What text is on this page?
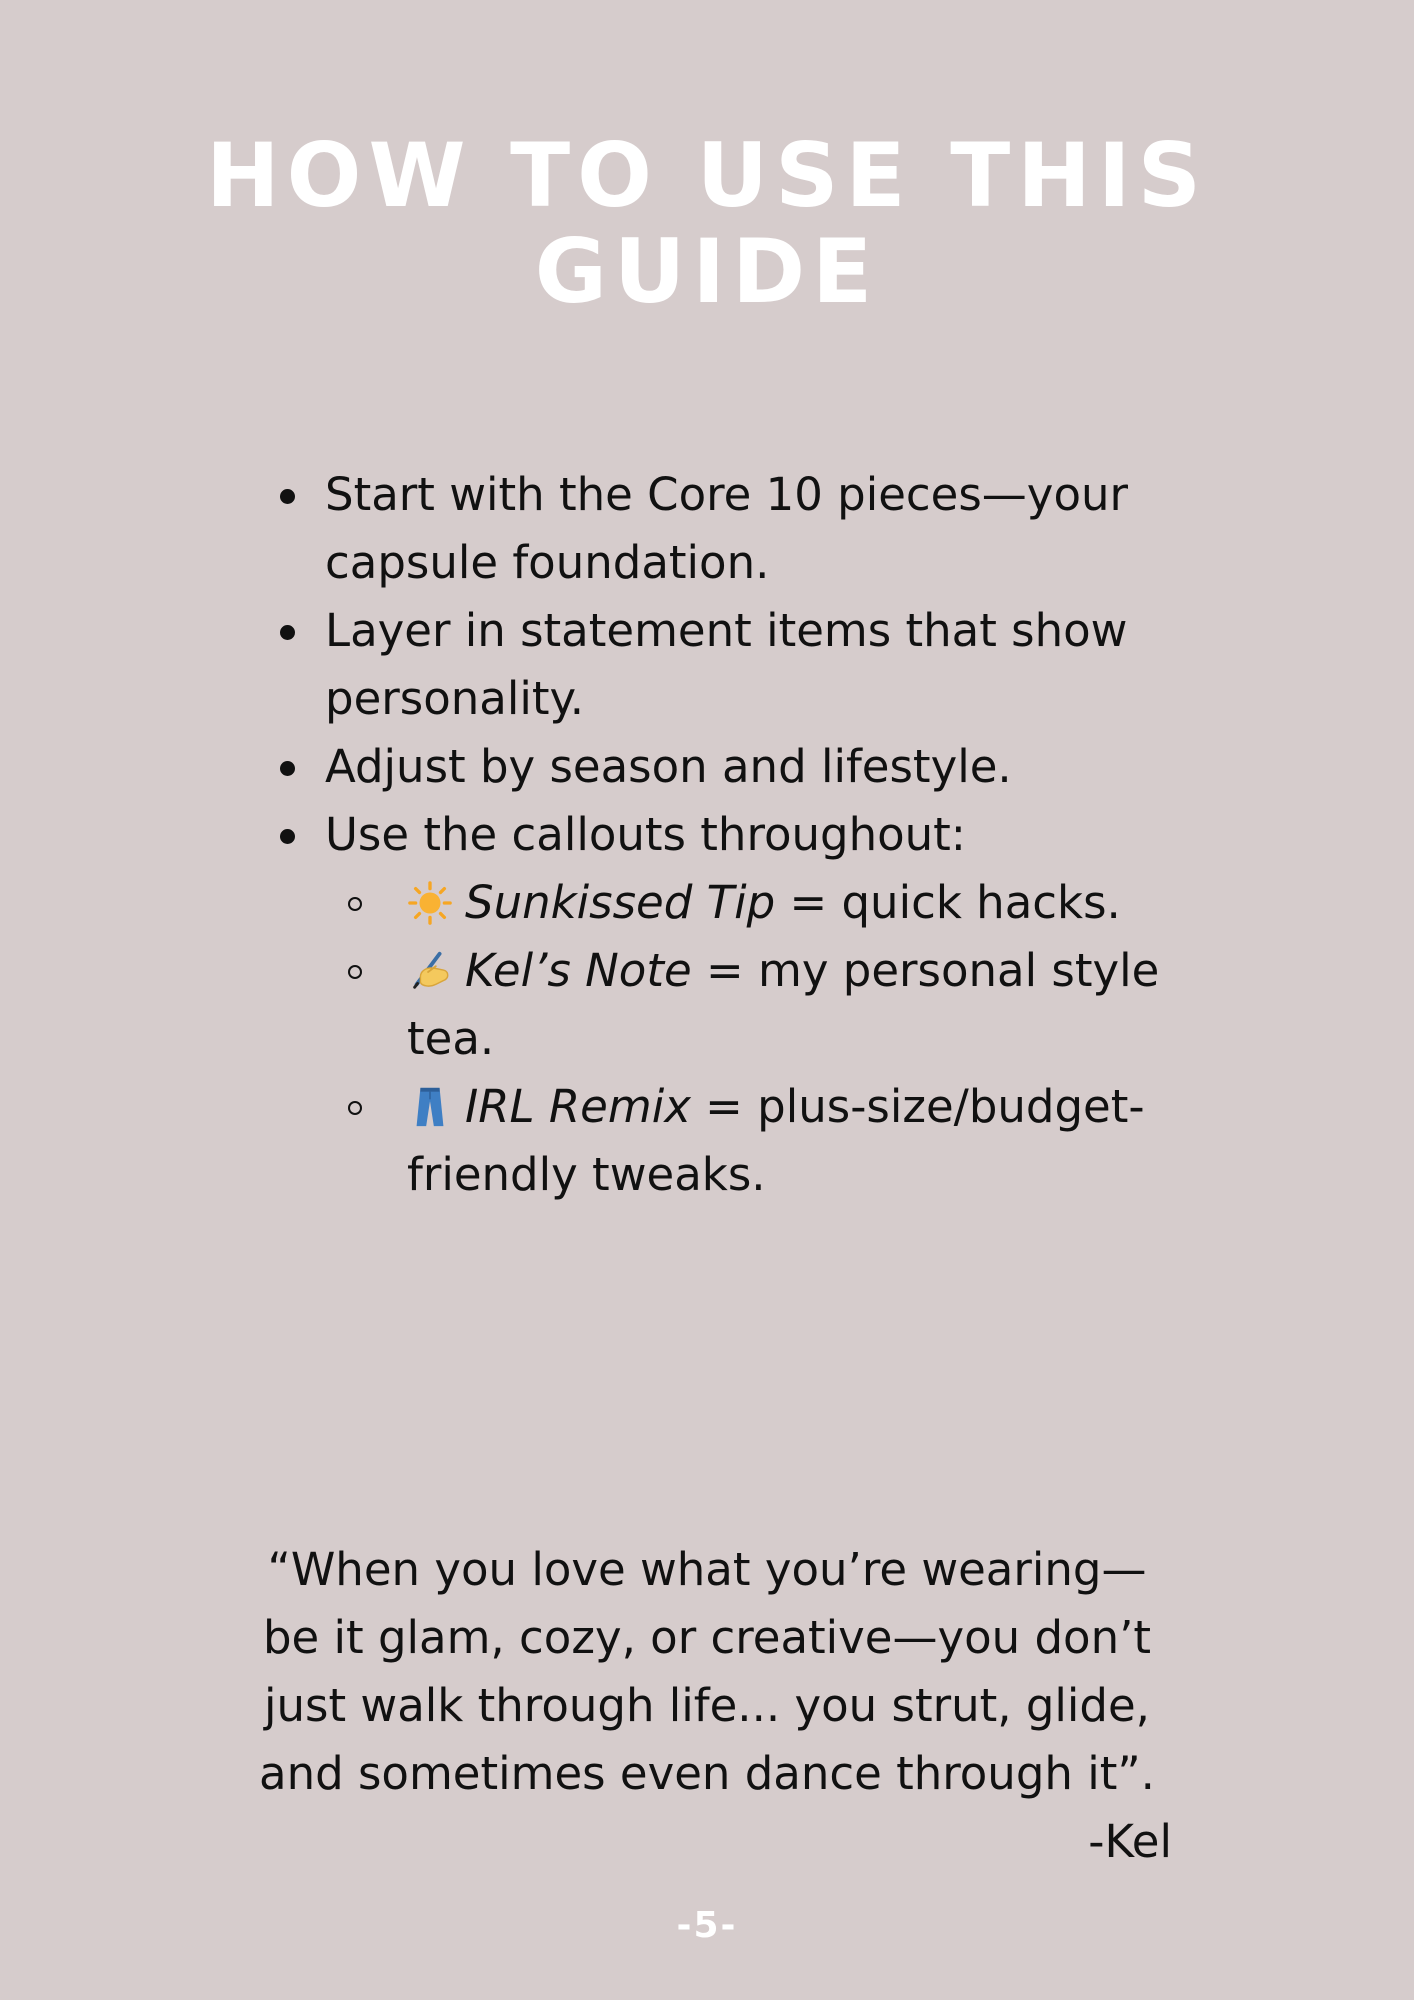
HOW TO USE THIS
GUIDE
Start with the Core 10 pieces—your capsule foundation.
Layer in statement items that show personality.
Adjust by season and lifestyle.
Use the callouts throughout:
Sunkissed Tip = quick hacks.
Kel’s Note = my personal style tea.
IRL Remix = plus-size/budget-friendly tweaks.
“When you love what you’re wearing—
be it glam, cozy, or creative—you don’t
just walk through life... you strut, glide,
and sometimes even dance through it”.

-Kel

-5-
